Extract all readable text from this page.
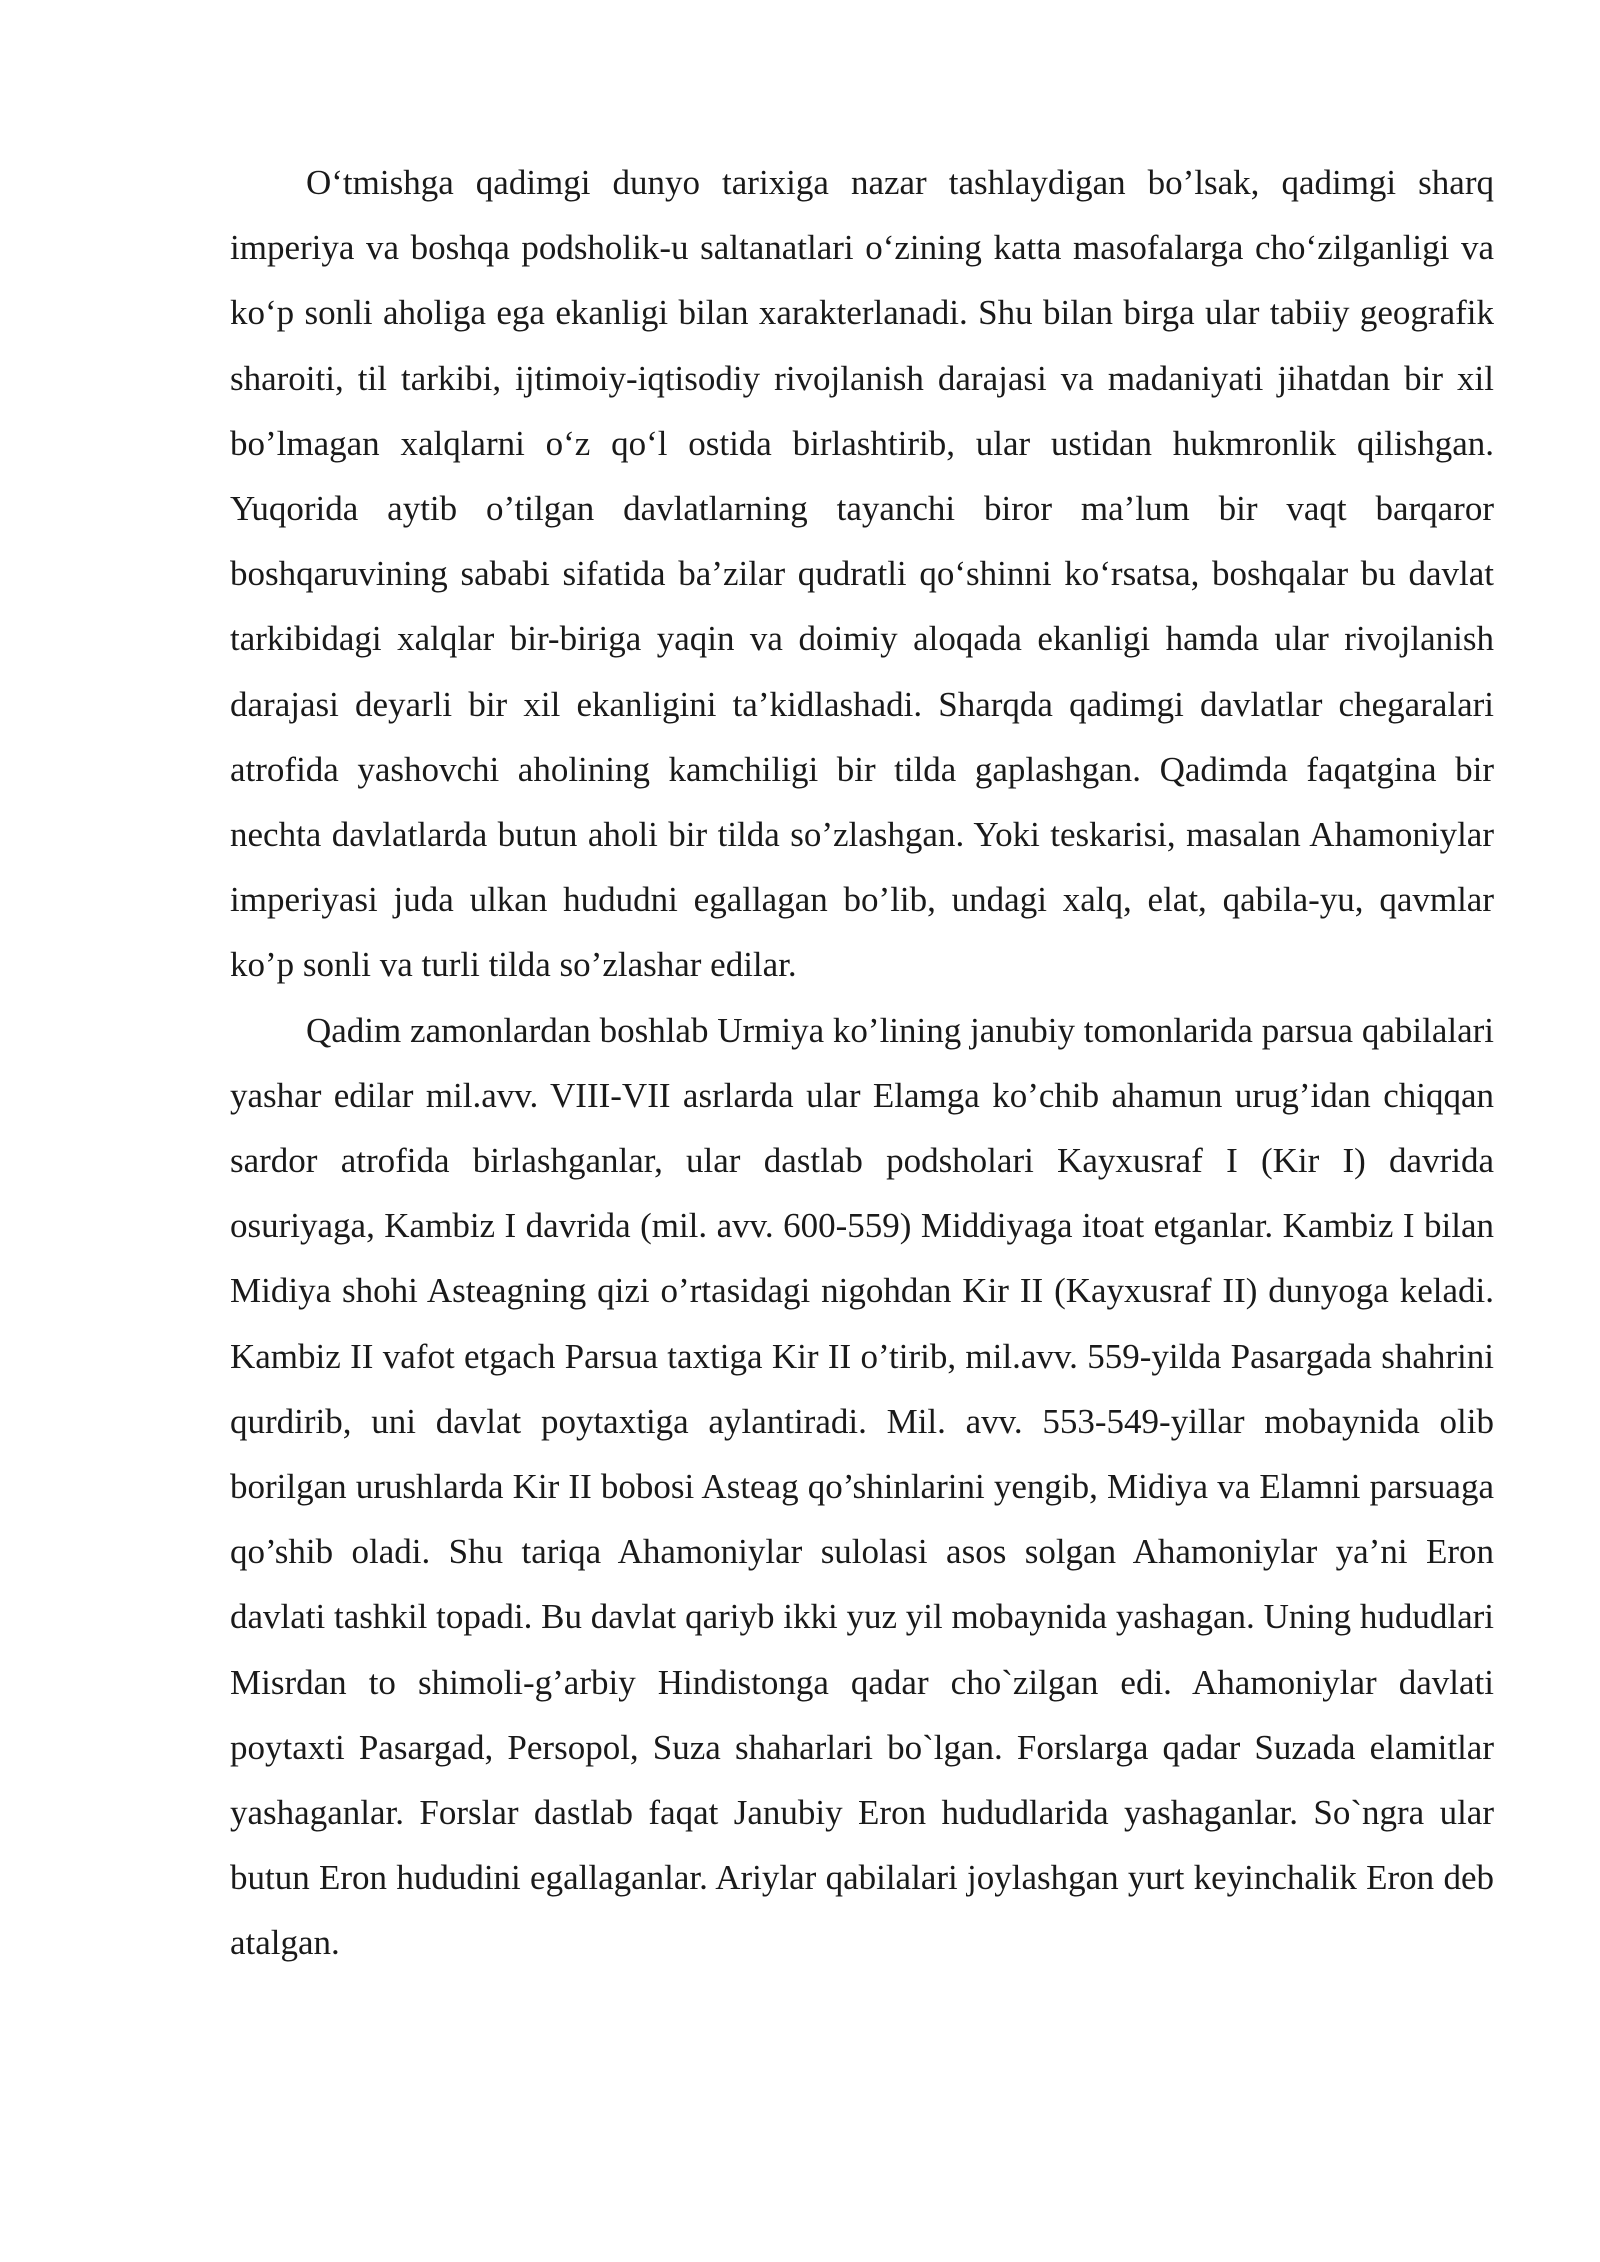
O‘tmishga qadimgi dunyo tarixiga nazar tashlaydigan bo’lsak, qadimgi sharq imperiya va boshqa podsholik-u saltanatlari o‘zining katta masofalarga cho‘zilganligi va ko‘p sonli aholiga ega ekanligi bilan xarakterlanadi. Shu bilan birga ular tabiiy geografik sharoiti, til tarkibi, ijtimoiy-iqtisodiy rivojlanish darajasi va madaniyati jihatdan bir xil bo’lmagan xalqlarni o‘z qo‘l ostida birlashtirib, ular ustidan hukmronlik qilishgan. Yuqorida aytib o’tilgan davlatlarning tayanchi biror ma’lum bir vaqt barqaror boshqaruvining sababi sifatida ba’zilar qudratli qo‘shinni ko‘rsatsa, boshqalar bu davlat tarkibidagi xalqlar bir-biriga yaqin va doimiy aloqada ekanligi hamda ular rivojlanish darajasi deyarli bir xil ekanligini ta’kidlashadi. Sharqda qadimgi davlatlar chegaralari atrofida yashovchi aholining kamchiligi bir tilda gaplashgan. Qadimda faqatgina bir nechta davlatlarda butun aholi bir tilda so’zlashgan. Yoki teskarisi, masalan Ahamoniylar imperiyasi juda ulkan hududni egallagan bo’lib, undagi xalq, elat, qabila-yu, qavmlar ko’p sonli va turli tilda so’zlashar edilar.

Qadim zamonlardan boshlab Urmiya ko’lining janubiy tomonlarida parsua qabilalari yashar edilar mil.avv. VIII-VII asrlarda ular Elamga ko’chib ahamun urug’idan chiqqan sardor atrofida birlashganlar, ular dastlab podsholari Kayxusraf I (Kir I) davrida osuriyaga, Kambiz I davrida (mil. avv. 600-559) Middiyaga itoat etganlar. Kambiz I bilan Midiya shohi Asteagning qizi o’rtasidagi nigohdan Kir II (Kayxusraf II) dunyoga keladi. Kambiz II vafot etgach Parsua taxtiga Kir II o’tirib, mil.avv. 559-yilda Pasargada shahrini qurdirib, uni davlat poytaxtiga aylantiradi. Mil. avv. 553-549-yillar mobaynida olib borilgan urushlarda Kir II bobosi Asteag qo’shinlarini yengib, Midiya va Elamni parsuaga qo’shib oladi. Shu tariqa Ahamoniylar sulolasi asos solgan Ahamoniylar ya’ni Eron davlati tashkil topadi. Bu davlat qariyb ikki yuz yil mobaynida yashagan. Uning hududlari Misrdan to shimoli-g’arbiy Hindistonga qadar cho`zilgan edi. Ahamoniylar davlati poytaxti Pasargad, Persopol, Suza shaharlari bo`lgan. Forslarga qadar Suzada elamitlar yashaganlar. Forslar dastlab faqat Janubiy Eron hududlarida yashaganlar. So`ngra ular butun Eron hududini egallaganlar. Ariylar qabilalari joylashgan yurt keyinchalik Eron deb atalgan.
